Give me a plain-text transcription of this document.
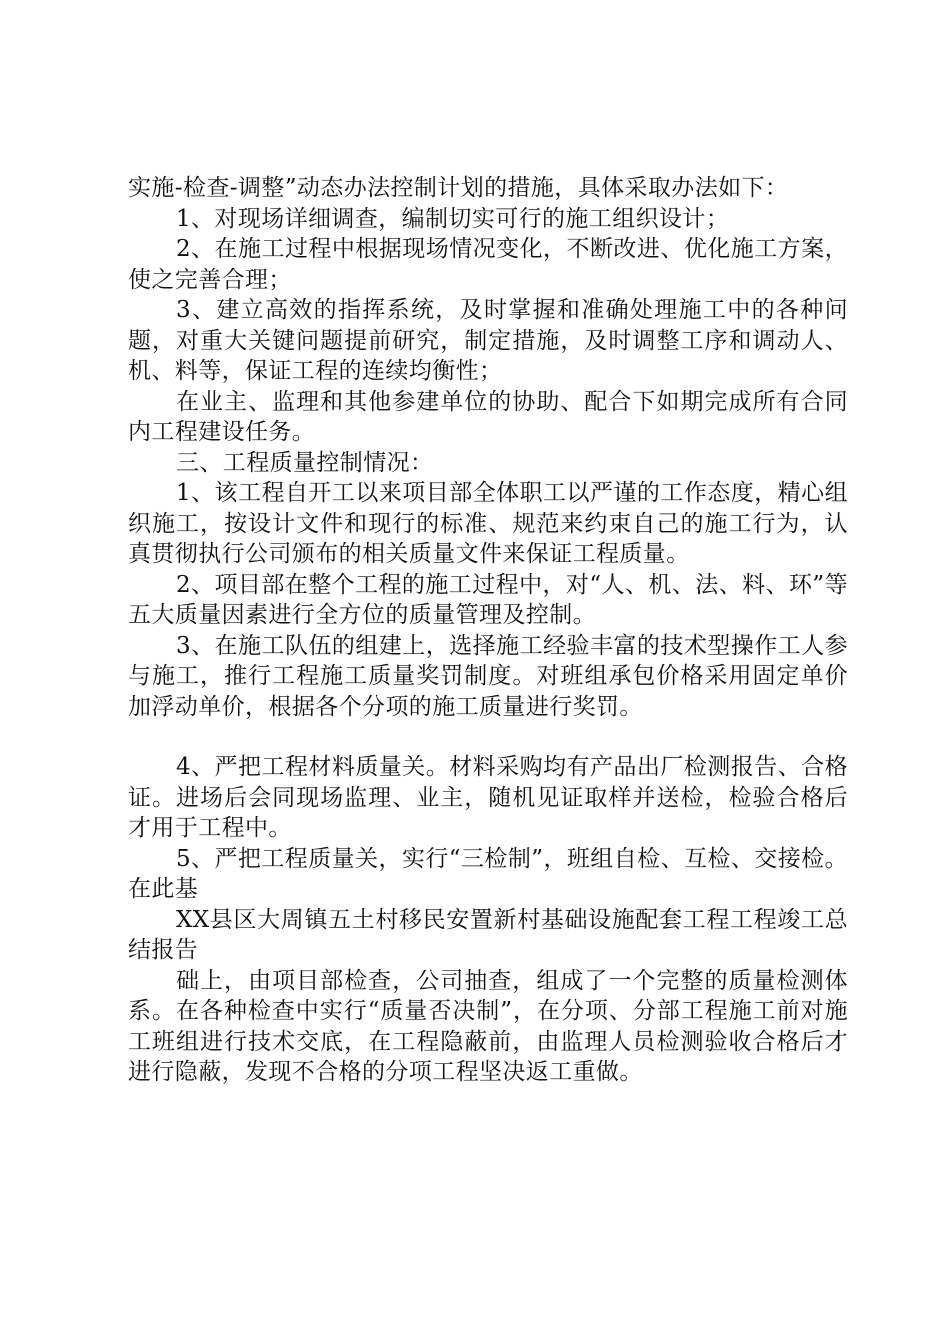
实施-检查-调整”动态办法控制计划的措施，具体采取办法如下：

1、对现场详细调查，编制切实可行的施工组织设计；

2、在施工过程中根据现场情况变化，不断改进、优化施工方案，使之完善合理；

3、建立高效的指挥系统，及时掌握和准确处理施工中的各种问题，对重大关键问题提前研究，制定措施，及时调整工序和调动人、机、料等，保证工程的连续均衡性；

在业主、监理和其他参建单位的协助、配合下如期完成所有合同内工程建设任务。

三、工程质量控制情况：

1、该工程自开工以来项目部全体职工以严谨的工作态度，精心组织施工，按设计文件和现行的标准、规范来约束自己的施工行为，认真贯彻执行公司颁布的相关质量文件来保证工程质量。

2、项目部在整个工程的施工过程中，对“人、机、法、料、环”等五大质量因素进行全方位的质量管理及控制。

3、在施工队伍的组建上，选择施工经验丰富的技术型操作工人参与施工，推行工程施工质量奖罚制度。对班组承包价格采用固定单价加浮动单价，根据各个分项的施工质量进行奖罚。

4、严把工程材料质量关。材料采购均有产品出厂检测报告、合格证。进场后会同现场监理、业主，随机见证取样并送检，检验合格后才用于工程中。

5、严把工程质量关，实行“三检制”，班组自检、互检、交接检。在此基

XX县区大周镇五土村移民安置新村基础设施配套工程工程竣工总结报告

础上，由项目部检查，公司抽查，组成了一个完整的质量检测体系。在各种检查中实行“质量否决制”，在分项、分部工程施工前对施工班组进行技术交底，在工程隐蔽前，由监理人员检测验收合格后才进行隐蔽，发现不合格的分项工程坚决返工重做。
